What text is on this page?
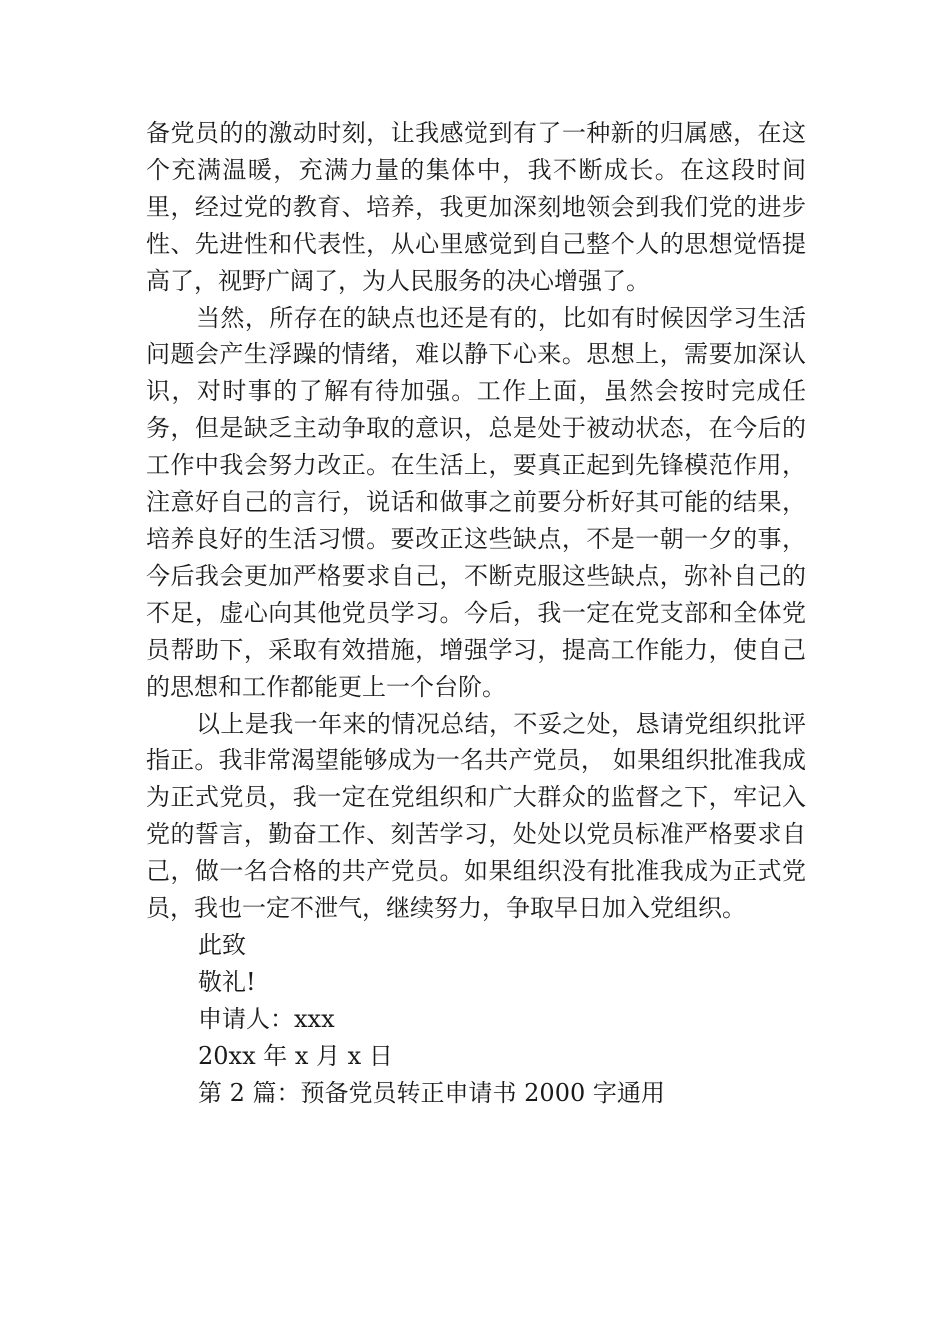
备党员的的激动时刻，让我感觉到有了一种新的归属感，在这个充满温暖，充满力量的集体中，我不断成长。在这段时间里，经过党的教育、培养，我更加深刻地领会到我们党的进步性、先进性和代表性，从心里感觉到自己整个人的思想觉悟提高了，视野广阔了，为人民服务的决心增强了。

当然，所存在的缺点也还是有的，比如有时候因学习生活问题会产生浮躁的情绪，难以静下心来。思想上，需要加深认识，对时事的了解有待加强。工作上面，虽然会按时完成任务，但是缺乏主动争取的意识，总是处于被动状态，在今后的工作中我会努力改正。在生活上，要真正起到先锋模范作用，注意好自己的言行，说话和做事之前要分析好其可能的结果，培养良好的生活习惯。要改正这些缺点，不是一朝一夕的事，今后我会更加严格要求自己，不断克服这些缺点，弥补自己的不足，虚心向其他党员学习。今后，我一定在党支部和全体党员帮助下，采取有效措施，增强学习，提高工作能力，使自己的思想和工作都能更上一个台阶。

以上是我一年来的情况总结，不妥之处，恳请党组织批评指正。我非常渴望能够成为一名共产党员， 如果组织批准我成为正式党员，我一定在党组织和广大群众的监督之下，牢记入党的誓言，勤奋工作、刻苦学习，处处以党员标准严格要求自己，做一名合格的共产党员。如果组织没有批准我成为正式党员，我也一定不泄气，继续努力，争取早日加入党组织。

此致

敬礼!

申请人：xxx

20xx 年 x 月 x 日

第 2 篇：预备党员转正申请书 2000 字通用
